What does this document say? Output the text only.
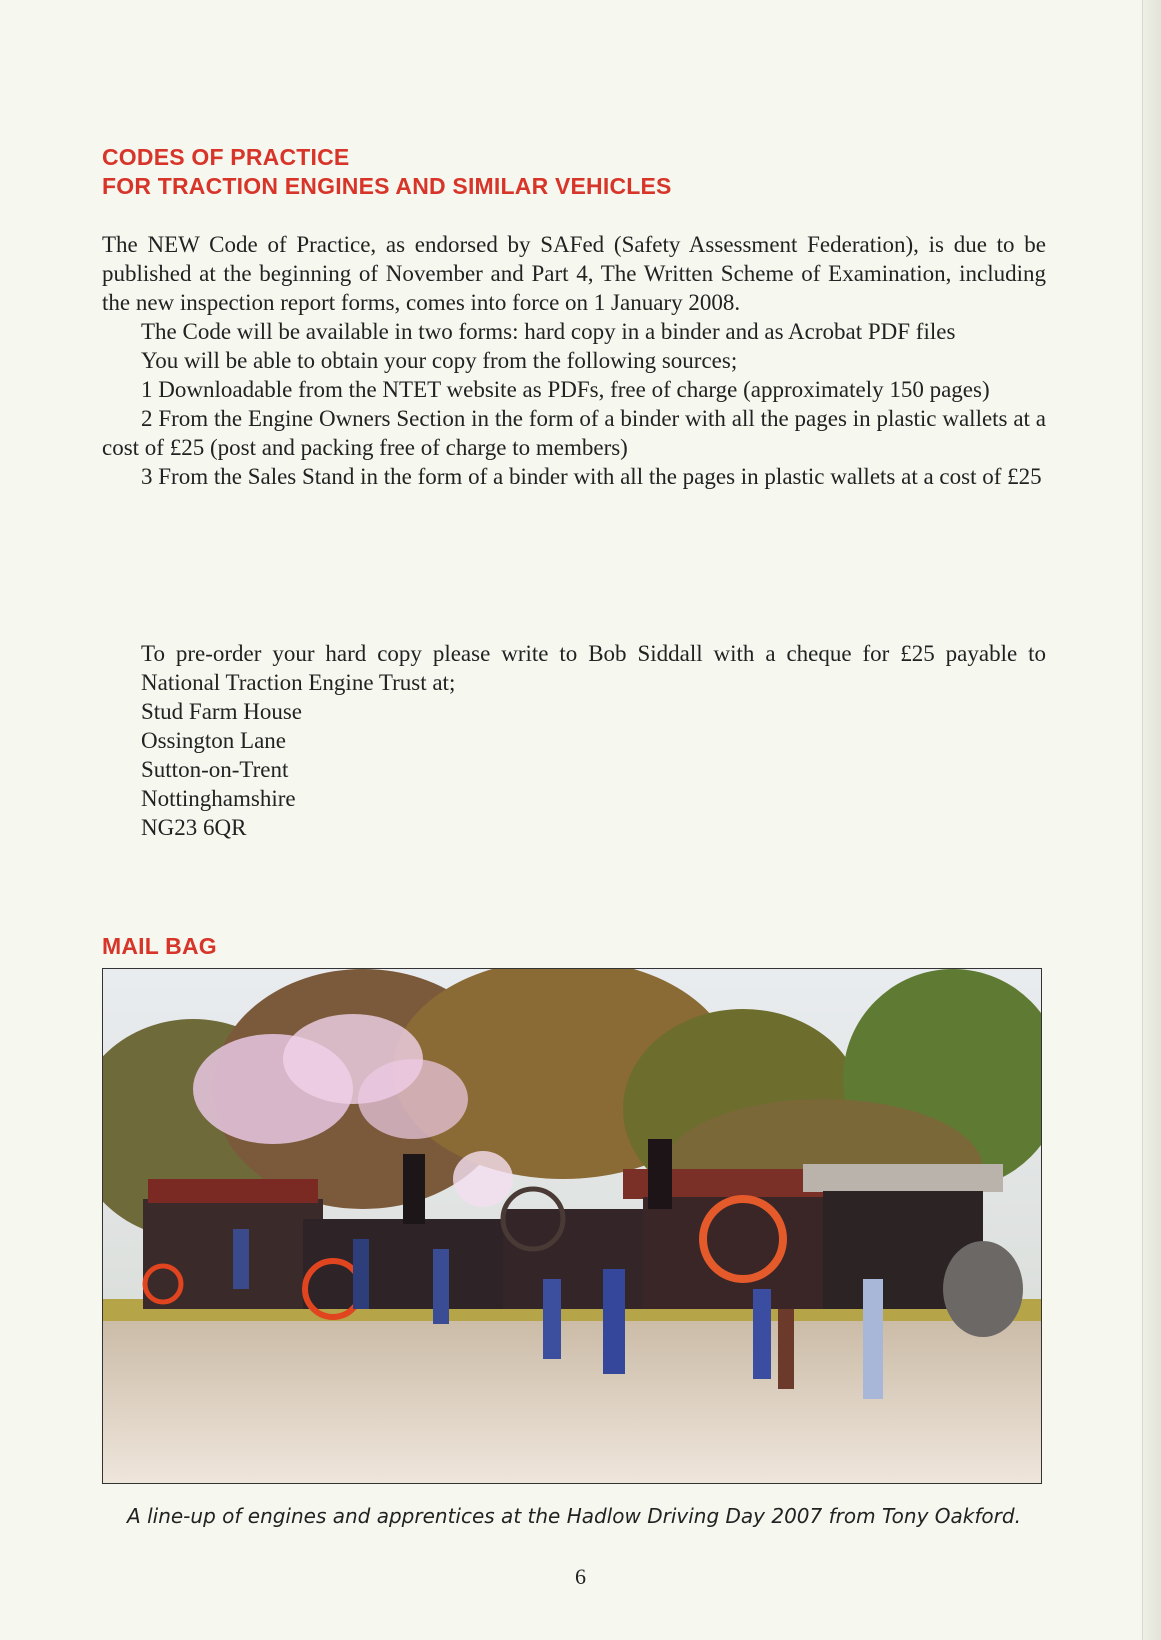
CODES OF PRACTICE
FOR TRACTION ENGINES AND SIMILAR VEHICLES

The NEW Code of Practice, as endorsed by SAFed (Safety Assessment Federation), is due to be published at the beginning of November and Part 4, The Written Scheme of Examination, including the new inspection report forms, comes into force on 1 January 2008.

The Code will be available in two forms: hard copy in a binder and as Acrobat PDF files

You will be able to obtain your copy from the following sources;

1 Downloadable from the NTET website as PDFs, free of charge (approximately 150 pages)

2 From the Engine Owners Section in the form of a binder with all the pages in plastic wallets at a cost of £25 (post and packing free of charge to members)

3 From the Sales Stand in the form of a binder with all the pages in plastic wallets at a cost of £25

To pre-order your hard copy please write to Bob Siddall with a cheque for £25 payable to National Traction Engine Trust at;
Stud Farm House
Ossington Lane
Sutton-on-Trent
Nottinghamshire
NG23 6QR
MAIL BAG
A line-up of engines and apprentices at the Hadlow Driving Day 2007 from Tony Oakford.
6
